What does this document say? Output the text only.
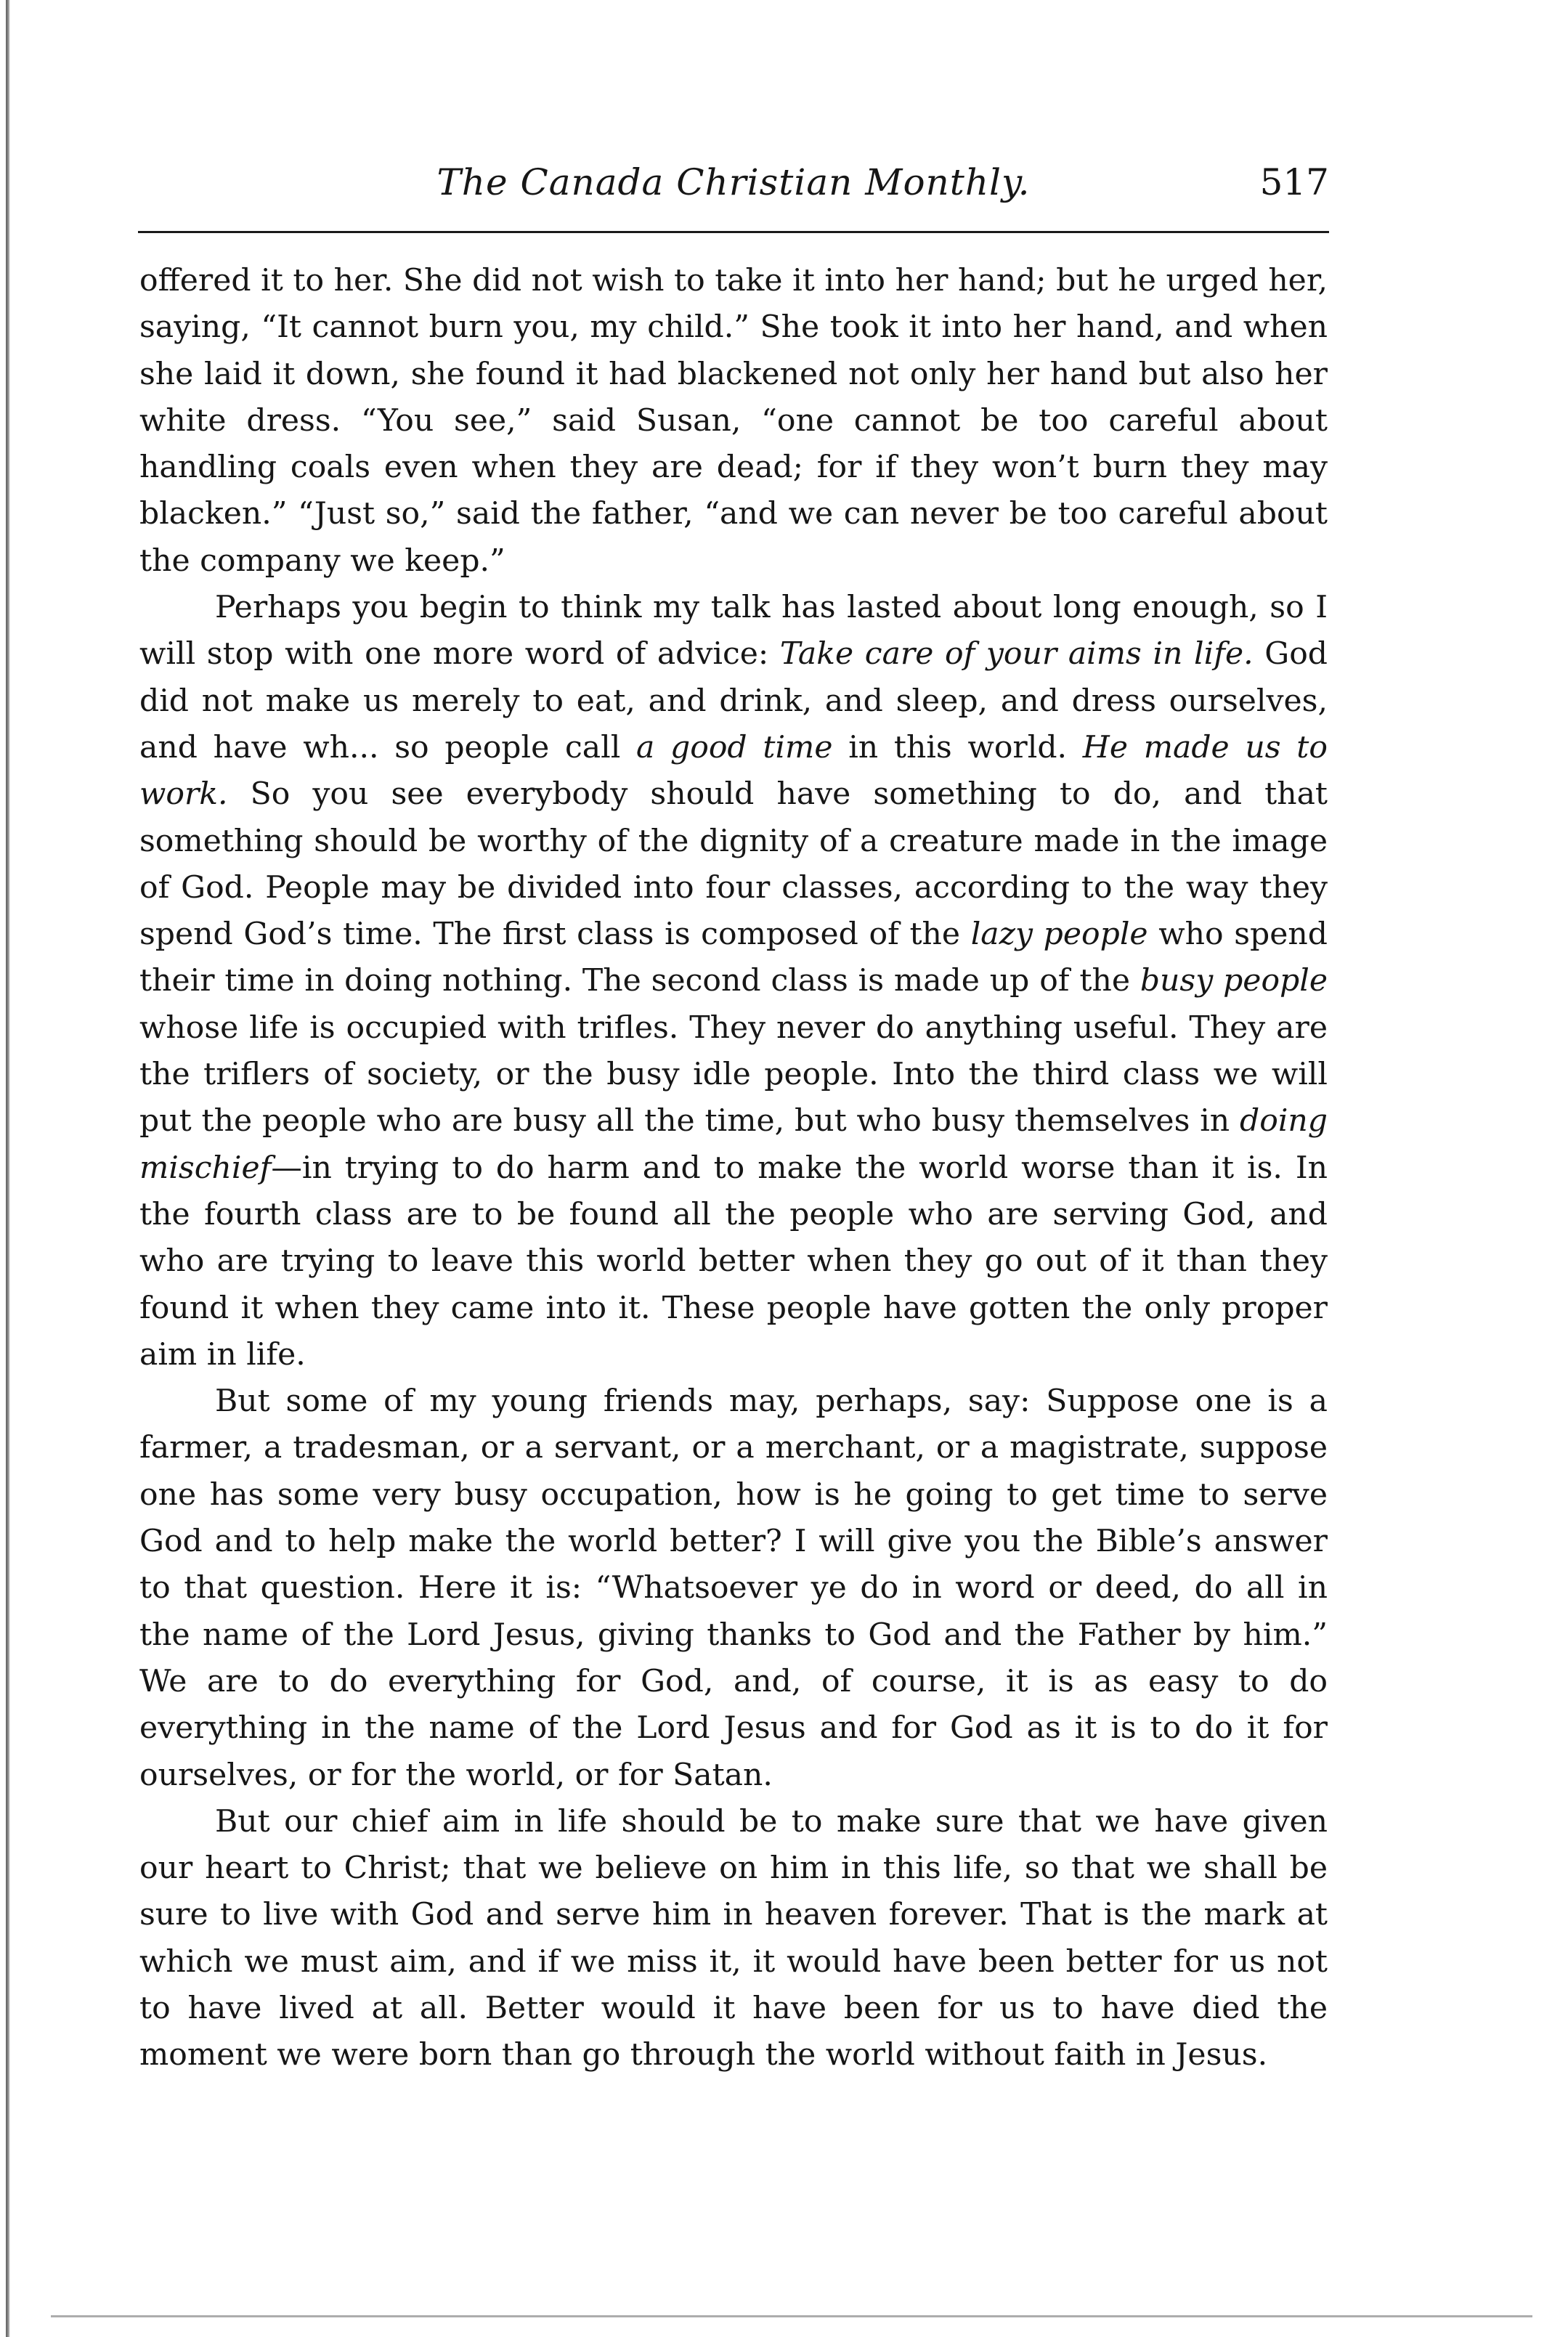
The Canada Christian Monthly.	517

offered it to her. She did not wish to take it into her hand; but he urged her, saying, “It cannot burn you, my child.” She took it into her hand, and when she laid it down, she found it had blackened not only her hand but also her white dress. “You see,” said Susan, “one cannot be too careful about handling coals even when they are dead; for if they won’t burn they may blacken.” “Just so,” said the father, “and we can never be too careful about the company we keep.”

Perhaps you begin to think my talk has lasted about long enough, so I will stop with one more word of advice: Take care of your aims in life. God did not make us merely to eat, and drink, and sleep, and dress ourselves, and have wh... so people call a good time in this world. He made us to work. So you see everybody should have something to do, and that something should be worthy of the dignity of a creature made in the image of God. People may be divided into four classes, according to the way they spend God’s time. The first class is composed of the lazy people who spend their time in doing nothing. The second class is made up of the busy people whose life is occupied with trifles. They never do anything useful. They are the triflers of society, or the busy idle people. Into the third class we will put the people who are busy all the time, but who busy themselves in doing mischief—in trying to do harm and to make the world worse than it is. In the fourth class are to be found all the people who are serving God, and who are trying to leave this world better when they go out of it than they found it when they came into it. These people have gotten the only proper aim in life.

But some of my young friends may, perhaps, say: Suppose one is a farmer, a tradesman, or a servant, or a merchant, or a magistrate, suppose one has some very busy occupation, how is he going to get time to serve God and to help make the world better? I will give you the Bible’s answer to that question. Here it is: “Whatsoever ye do in word or deed, do all in the name of the Lord Jesus, giving thanks to God and the Father by him.” We are to do everything for God, and, of course, it is as easy to do everything in the name of the Lord Jesus and for God as it is to do it for ourselves, or for the world, or for Satan.

But our chief aim in life should be to make sure that we have given our heart to Christ; that we believe on him in this life, so that we shall be sure to live with God and serve him in heaven forever. That is the mark at which we must aim, and if we miss it, it would have been better for us not to have lived at all. Better would it have been for us to have died the moment we were born than go through the world without faith in Jesus.
